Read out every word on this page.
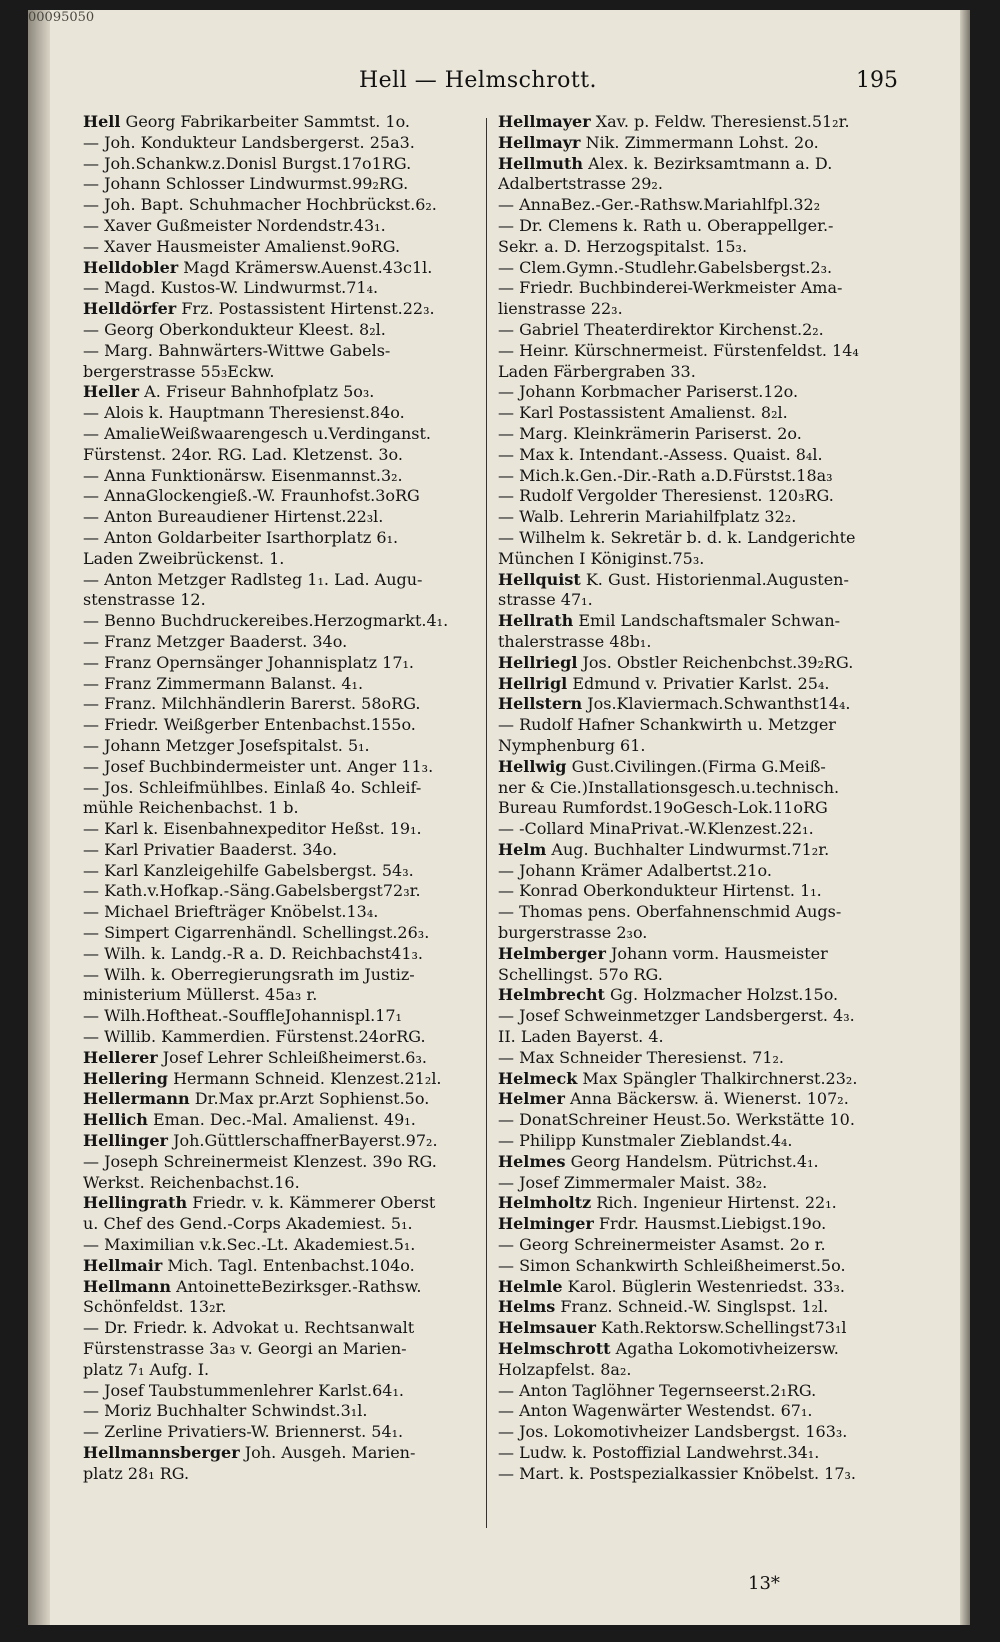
00095050
Hell — Helmschrott.	195
Hell Georg Fabrikarbeiter Sammtst. 1o.
— Joh. Kondukteur Landsbergerst. 25a3.
— Joh.Schankw.z.Donisl Burgst.17o1RG.
— Johann Schlosser Lindwurmst.99₂RG.
— Joh. Bapt. Schuhmacher Hochbrückst.6₂.
— Xaver Gußmeister Nordendstr.43₁.
— Xaver Hausmeister Amalienst.9oRG.
Helldobler Magd Krämersw.Auenst.43c1l.
— Magd. Kustos-W. Lindwurmst.71₄.
Helldörfer Frz. Postassistent Hirtenst.22₃.
— Georg Oberkondukteur Kleest. 8₂l.
— Marg. Bahnwärters-Wittwe Gabels-
bergerstrasse 55₃Eckw.
Heller A. Friseur Bahnhofplatz 5o₃.
— Alois k. Hauptmann Theresienst.84o.
— AmalieWeißwaarengesch u.Verdinganst.
Fürstenst. 24or. RG. Lad. Kletzenst. 3o.
— Anna Funktionärsw. Eisenmannst.3₂.
— AnnaGlockengieß.-W. Fraunhofst.3oRG
— Anton Bureaudiener Hirtenst.22₃l.
— Anton Goldarbeiter Isarthorplatz 6₁.
Laden Zweibrückenst. 1.
— Anton Metzger Radlsteg 1₁. Lad. Augu-
stenstrasse 12.
— Benno Buchdruckereibes.Herzogmarkt.4₁.
— Franz Metzger Baaderst. 34o.
— Franz Opernsänger Johannisplatz 17₁.
— Franz Zimmermann Balanst. 4₁.
— Franz. Milchhändlerin Barerst. 58oRG.
— Friedr. Weißgerber Entenbachst.155o.
— Johann Metzger Josefspitalst. 5₁.
— Josef Buchbindermeister unt. Anger 11₃.
— Jos. Schleifmühlbes. Einlaß 4o. Schleif-
mühle Reichenbachst. 1 b.
— Karl k. Eisenbahnexpeditor Heßst. 19₁.
— Karl Privatier Baaderst. 34o.
— Karl Kanzleigehilfe Gabelsbergst. 54₃.
— Kath.v.Hofkap.-Säng.Gabelsbergst72₃r.
— Michael Briefträger Knöbelst.13₄.
— Simpert Cigarrenhändl. Schellingst.26₃.
— Wilh. k. Landg.-R a. D. Reichbachst41₃.
— Wilh. k. Oberregierungsrath im Justiz-
ministerium Müllerst. 45a₃ r.
— Wilh.Hoftheat.-SouffleJohannispl.17₁
— Willib. Kammerdien. Fürstenst.24orRG.
Hellerer Josef Lehrer Schleißheimerst.6₃.
Hellering Hermann Schneid. Klenzest.21₂l.
Hellermann Dr.Max pr.Arzt Sophienst.5o.
Hellich Eman. Dec.-Mal. Amalienst. 49₁.
Hellinger Joh.GüttlerschaffnerBayerst.97₂.
— Joseph Schreinermeist Klenzest. 39o RG.
Werkst. Reichenbachst.16.
Hellingrath Friedr. v. k. Kämmerer Oberst
u. Chef des Gend.-Corps Akademiest. 5₁.
— Maximilian v.k.Sec.-Lt. Akademiest.5₁.
Hellmair Mich. Tagl. Entenbachst.104o.
Hellmann AntoinetteBezirksger.-Rathsw.
Schönfeldst. 13₂r.
— Dr. Friedr. k. Advokat u. Rechtsanwalt
Fürstenstrasse 3a₃ v. Georgi an Marien-
platz 7₁ Aufg. I.
— Josef Taubstummenlehrer Karlst.64₁.
— Moriz Buchhalter Schwindst.3₁l.
— Zerline Privatiers-W. Briennerst. 54₁.
Hellmannsberger Joh. Ausgeh. Marien-
platz 28₁ RG.
Hellmayer Xav. p. Feldw. Theresienst.51₂r.
Hellmayr Nik. Zimmermann Lohst. 2o.
Hellmuth Alex. k. Bezirksamtmann a. D.
Adalbertstrasse 29₂.
— AnnaBez.-Ger.-Rathsw.Mariahlfpl.32₂
— Dr. Clemens k. Rath u. Oberappellger.-
Sekr. a. D. Herzogspitalst. 15₃.
— Clem.Gymn.-Studlehr.Gabelsbergst.2₃.
— Friedr. Buchbinderei-Werkmeister Ama-
lienstrasse 22₃.
— Gabriel Theaterdirektor Kirchenst.2₂.
— Heinr. Kürschnermeist. Fürstenfeldst. 14₄
Laden Färbergraben 33.
— Johann Korbmacher Pariserst.12o.
— Karl Postassistent Amalienst. 8₂l.
— Marg. Kleinkrämerin Pariserst. 2o.
— Max k. Intendant.-Assess. Quaist. 8₄l.
— Mich.k.Gen.-Dir.-Rath a.D.Fürstst.18a₃
— Rudolf Vergolder Theresienst. 120₃RG.
— Walb. Lehrerin Mariahilfplatz 32₂.
— Wilhelm k. Sekretär b. d. k. Landgerichte
München I Königinst.75₃.
Hellquist K. Gust. Historienmal.Augusten-
strasse 47₁.
Hellrath Emil Landschaftsmaler Schwan-
thalerstrasse 48b₁.
Hellriegl Jos. Obstler Reichenbchst.39₂RG.
Hellrigl Edmund v. Privatier Karlst. 25₄.
Hellstern Jos.Klaviermach.Schwanthst14₄.
— Rudolf Hafner Schankwirth u. Metzger
Nymphenburg 61.
Hellwig Gust.Civilingen.(Firma G.Meiß-
ner & Cie.)Installationsgesch.u.technisch.
Bureau Rumfordst.19oGesch-Lok.11oRG
— -Collard MinaPrivat.-W.Klenzest.22₁.
Helm Aug. Buchhalter Lindwurmst.71₂r.
— Johann Krämer Adalbertst.21o.
— Konrad Oberkondukteur Hirtenst. 1₁.
— Thomas pens. Oberfahnenschmid Augs-
burgerstrasse 2₃o.
Helmberger Johann vorm. Hausmeister
Schellingst. 57o RG.
Helmbrecht Gg. Holzmacher Holzst.15o.
— Josef Schweinmetzger Landsbergerst. 4₃.
II. Laden Bayerst. 4.
— Max Schneider Theresienst. 71₂.
Helmeck Max Spängler Thalkirchnerst.23₂.
Helmer Anna Bäckersw. ä. Wienerst. 107₂.
— DonatSchreiner Heust.5o. Werkstätte 10.
— Philipp Kunstmaler Zieblandst.4₄.
Helmes Georg Handelsm. Pütrichst.4₁.
— Josef Zimmermaler Maist. 38₂.
Helmholtz Rich. Ingenieur Hirtenst. 22₁.
Helminger Frdr. Hausmst.Liebigst.19o.
— Georg Schreinermeister Asamst. 2o r.
— Simon Schankwirth Schleißheimerst.5o.
Helmle Karol. Büglerin Westenriedst. 33₃.
Helms Franz. Schneid.-W. Singlspst. 1₂l.
Helmsauer Kath.Rektorsw.Schellingst73₁l
Helmschrott Agatha Lokomotivheizersw.
Holzapfelst. 8a₂.
— Anton Taglöhner Tegernseerst.2₁RG.
— Anton Wagenwärter Westendst. 67₁.
— Jos. Lokomotivheizer Landsbergst. 163₃.
— Ludw. k. Postoffizial Landwehrst.34₁.
— Mart. k. Postspezialkassier Knöbelst. 17₃.
13*
